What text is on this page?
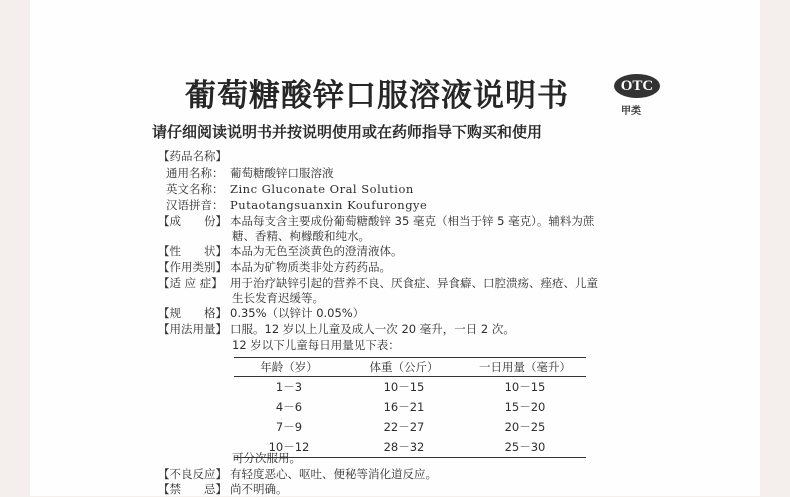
葡萄糖酸锌口服溶液说明书	OTC
甲类
请仔细阅读说明书并按说明使用或在药师指导下购买和使用
【药品名称】
通用名称： 葡萄糖酸锌口服溶液
英文名称： Zinc Gluconate Oral Solution
汉语拼音： Putaotangsuanxin Koufurongye
【成　　份】 本品每支含主要成份葡萄糖酸锌 35 毫克（相当于锌 5 毫克）。辅料为蔗
糖、香精、枸橼酸和纯水。
【性　　状】 本品为无色至淡黄色的澄清液体。
【作用类别】 本品为矿物质类非处方药药品。
【适 应 症】 用于治疗缺锌引起的营养不良、厌食症、异食癖、口腔溃疡、痤疮、儿童
生长发育迟缓等。
【规　　格】 0.35%（以锌计 0.05%）
【用法用量】 口服。12 岁以上儿童及成人一次 20 毫升，一日 2 次。
12 岁以下儿童每日用量见下表：
年龄（岁）	体重（公斤）	一日用量（毫升）
1－3	10－15	10－15
4－6	16－21	15－20
7－9	22－27	20－25
10－12	28－32	25－30
可分次服用。
【不良反应】 有轻度恶心、呕吐、便秘等消化道反应。
【禁　　忌】 尚不明确。
